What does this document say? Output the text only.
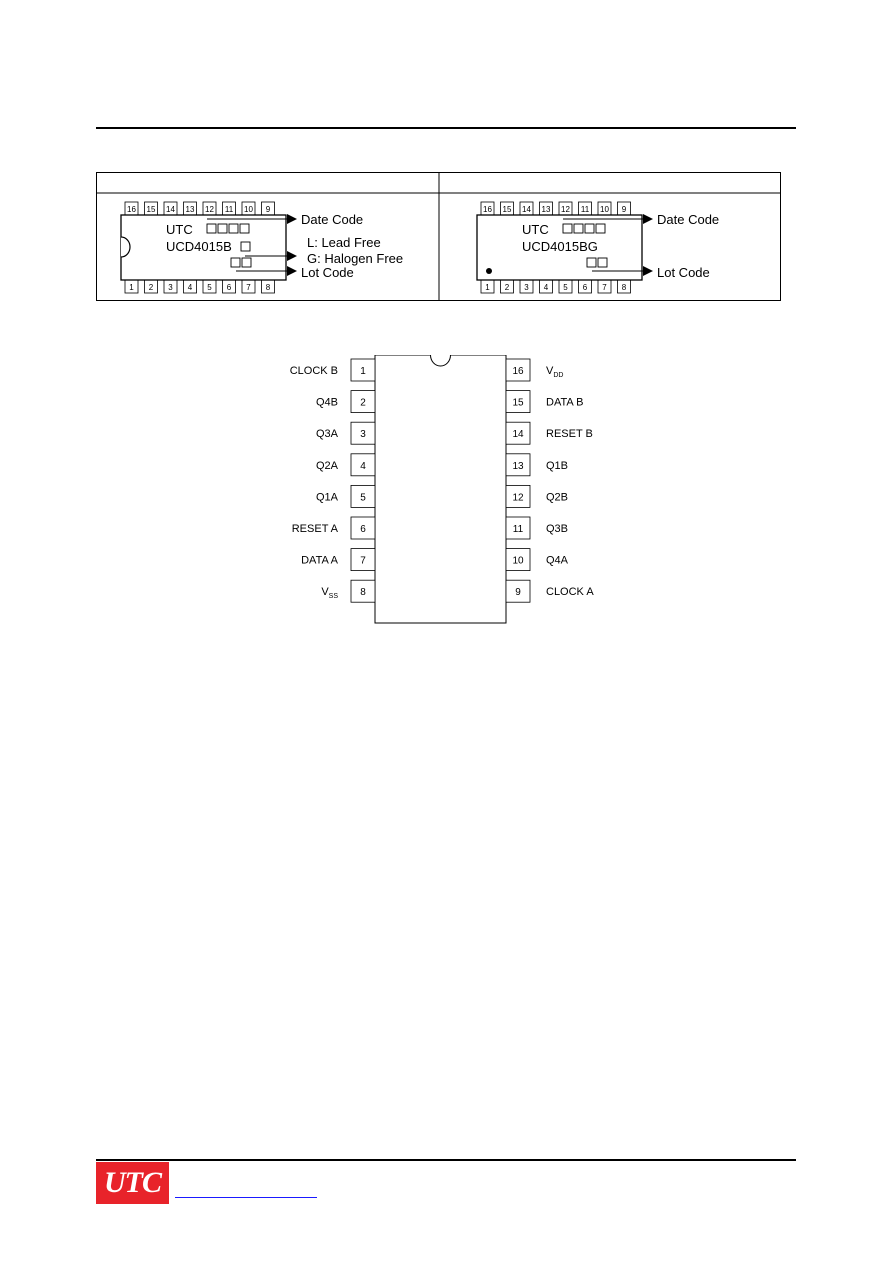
16 15 14 13 12 11 10 9
1 2 3 4 5 6 7 8
UTC
UCD4015B
Date Code
L: Lead Free
G: Halogen Free
Lot Code
16 15 14 13 12 11 10 9
1 2 3 4 5 6 7 8
UTC
UCD4015BG
Date Code
Lot Code
1
CLOCK B
2
Q4B
3
Q3A
4
Q2A
5
Q1A
6
RESET A
7
DATA A
8
$V_{SS}$
16 $V_{DD}$
15 DATA B
14 RESET B
13 Q1B
12 Q2B
11 Q3B
10 Q4A
9 CLOCK A
UTC
